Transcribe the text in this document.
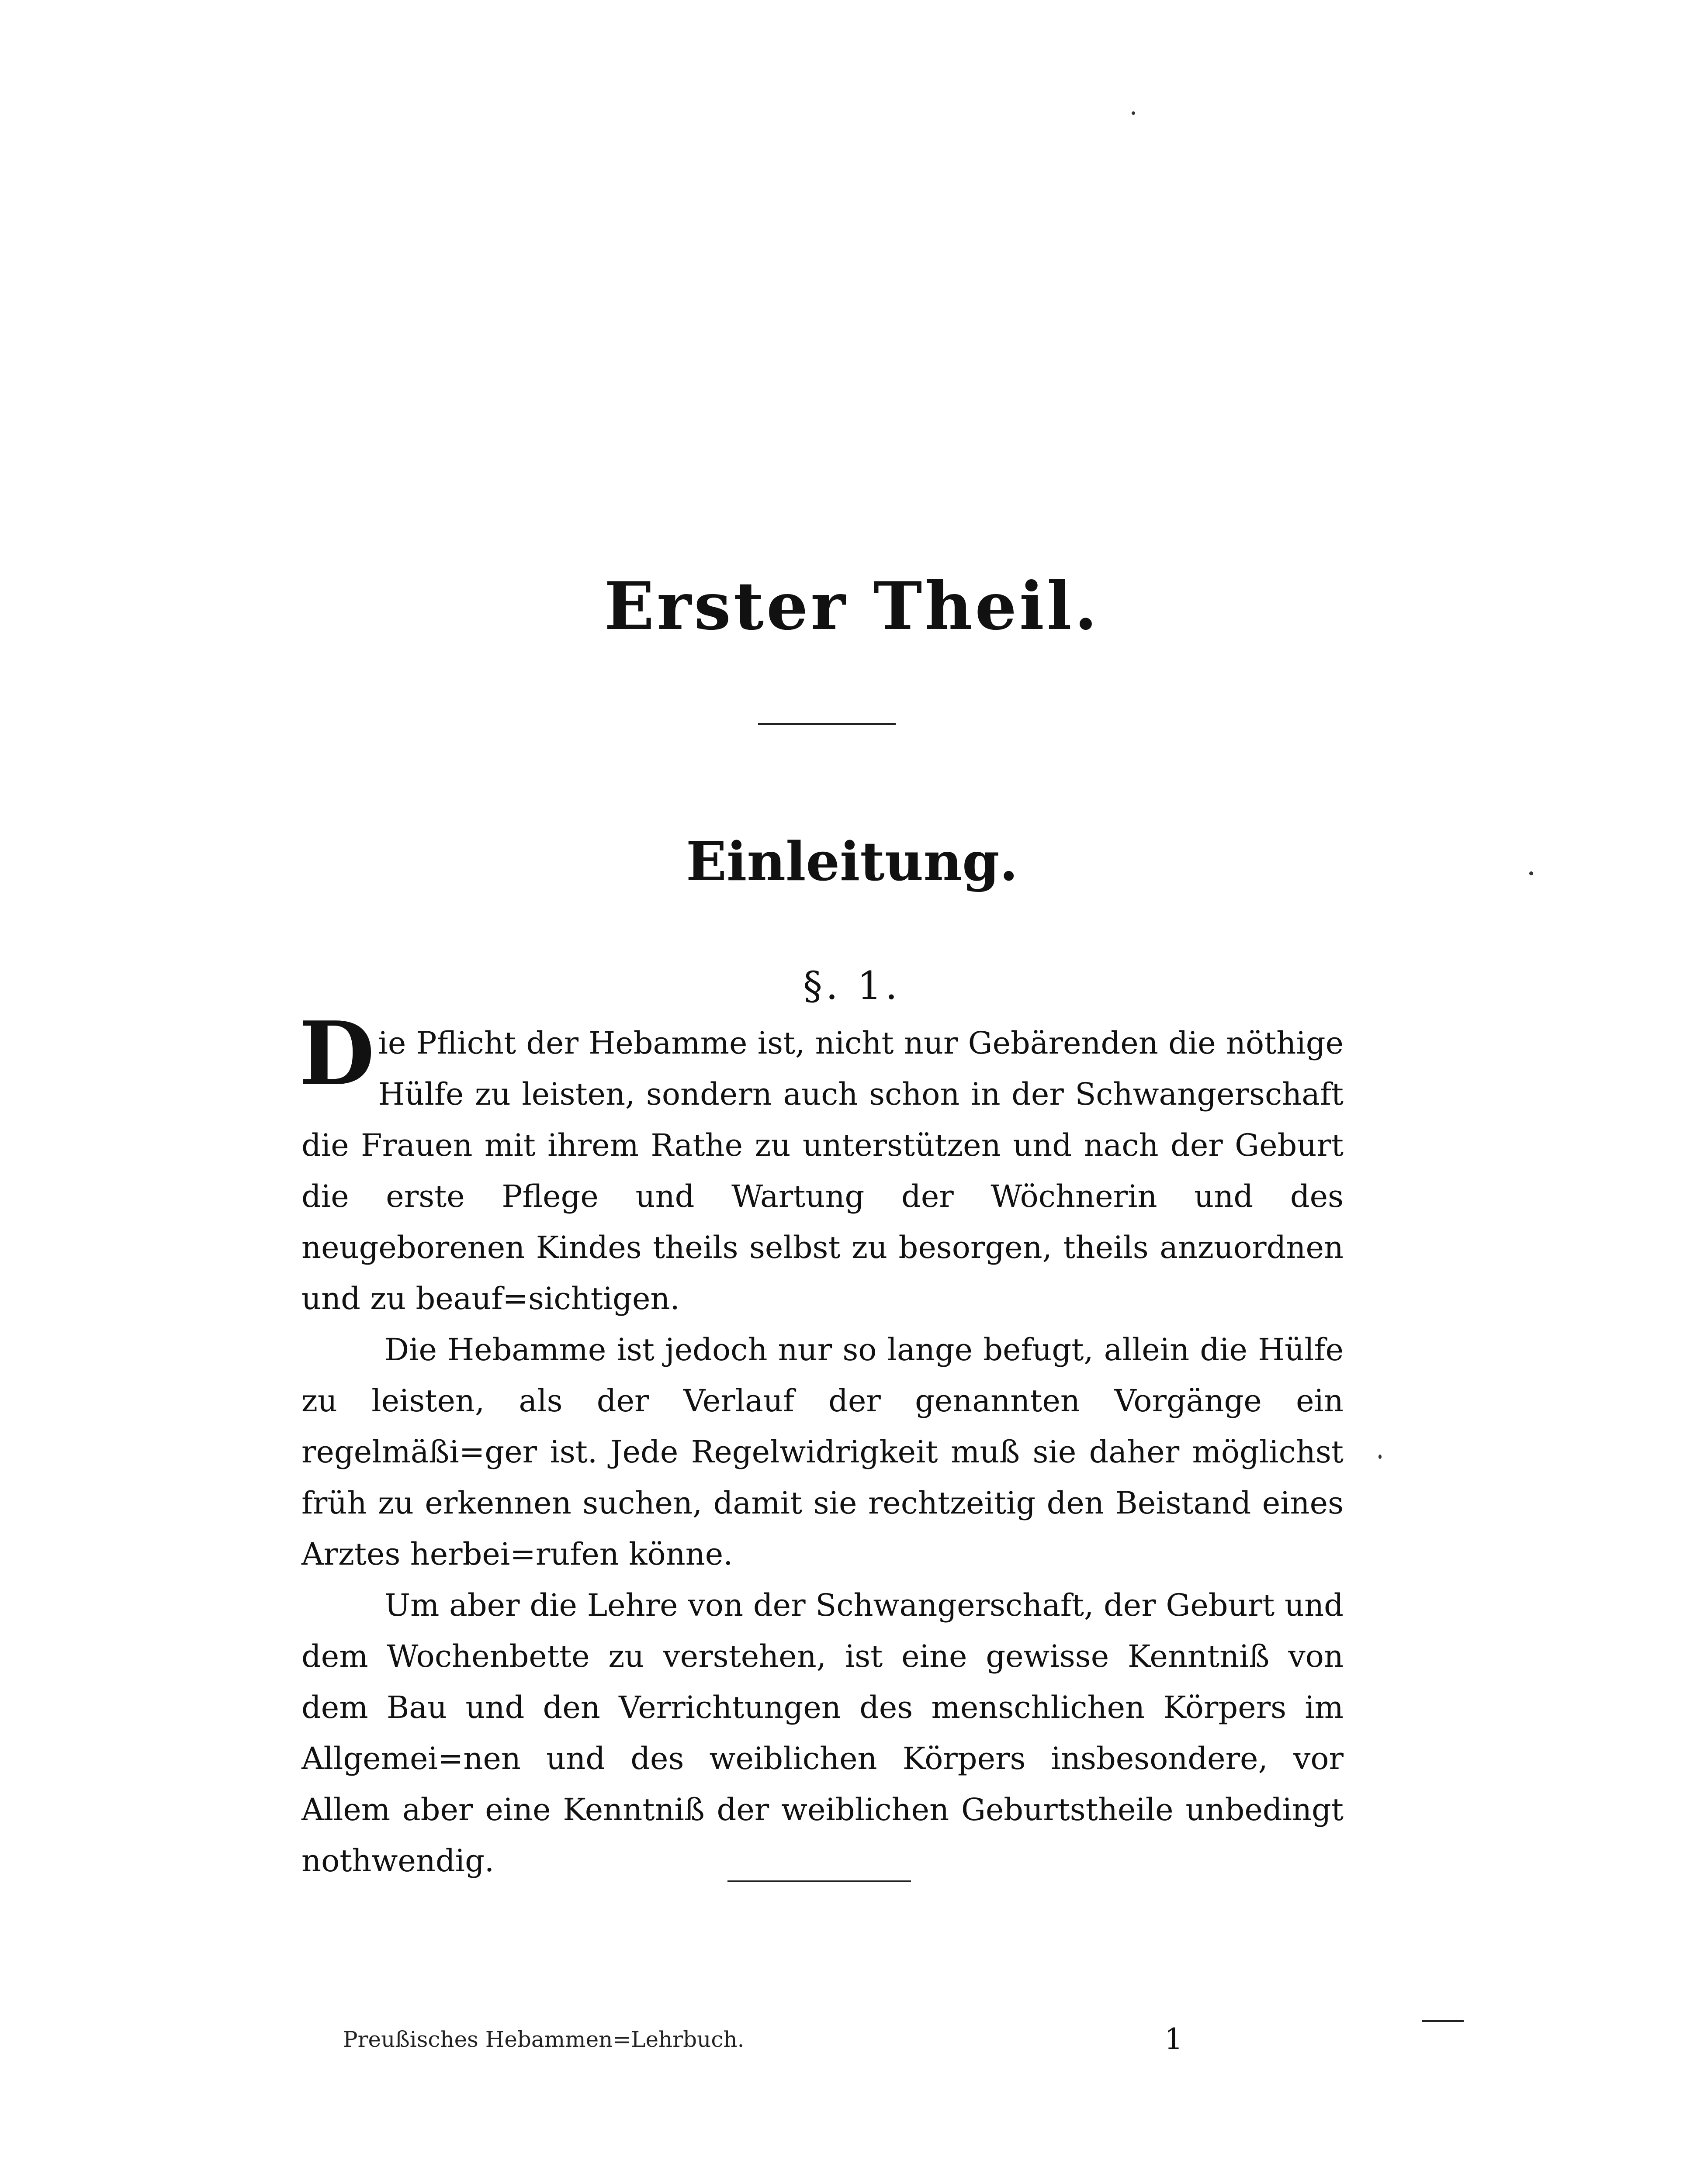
Erster Theil.
Einleitung.
§. 1.

Die Pflicht der Hebamme ist, nicht nur Gebärenden die nöthige Hülfe zu leisten, sondern auch schon in der Schwangerschaft die Frauen mit ihrem Rathe zu unterstützen und nach der Geburt die erste Pflege und Wartung der Wöchnerin und des neugeborenen Kindes theils selbst zu besorgen, theils anzuordnen und zu beauf=sichtigen.

Die Hebamme ist jedoch nur so lange befugt, allein die Hülfe zu leisten, als der Verlauf der genannten Vorgänge ein regelmäßi=ger ist. Jede Regelwidrigkeit muß sie daher möglichst früh zu erkennen suchen, damit sie rechtzeitig den Beistand eines Arztes herbei=rufen könne.

Um aber die Lehre von der Schwangerschaft, der Geburt und dem Wochenbette zu verstehen, ist eine gewisse Kenntniß von dem Bau und den Verrichtungen des menschlichen Körpers im Allgemei=nen und des weiblichen Körpers insbesondere, vor Allem aber eine Kenntniß der weiblichen Geburtstheile unbedingt nothwendig.

Preußisches Hebammen=Lehrbuch.	1
